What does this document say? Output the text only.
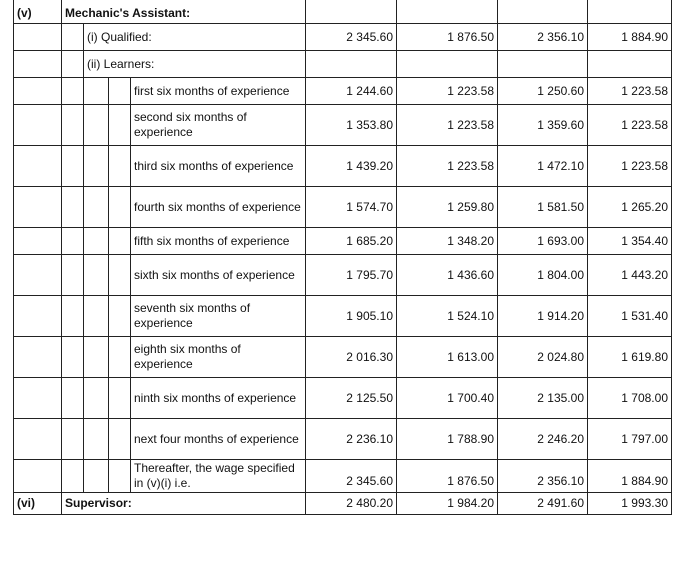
(v)	Mechanic's Assistant:							
		(i) Qualified:			2 345.60	1 876.50	2 356.10	1 884.90
		(ii) Learners:						
				first six months of experience	1 244.60	1 223.58	1 250.60	1 223.58
				second six months of experience	1 353.80	1 223.58	1 359.60	1 223.58
				third six months of experience	1 439.20	1 223.58	1 472.10	1 223.58
				fourth six months of experience	1 574.70	1 259.80	1 581.50	1 265.20
				fifth six months of experience	1 685.20	1 348.20	1 693.00	1 354.40
				sixth six months of experience	1 795.70	1 436.60	1 804.00	1 443.20
				seventh six months of experience	1 905.10	1 524.10	1 914.20	1 531.40
				eighth six months of experience	2 016.30	1 613.00	2 024.80	1 619.80
				ninth six months of experience	2 125.50	1 700.40	2 135.00	1 708.00
				next four months of experience	2 236.10	1 788.90	2 246.20	1 797.00
				Thereafter, the wage specified in (v)(i) i.e.	2 345.60	1 876.50	2 356.10	1 884.90
(vi)	Supervisor:				2 480.20	1 984.20	2 491.60	1 993.30
